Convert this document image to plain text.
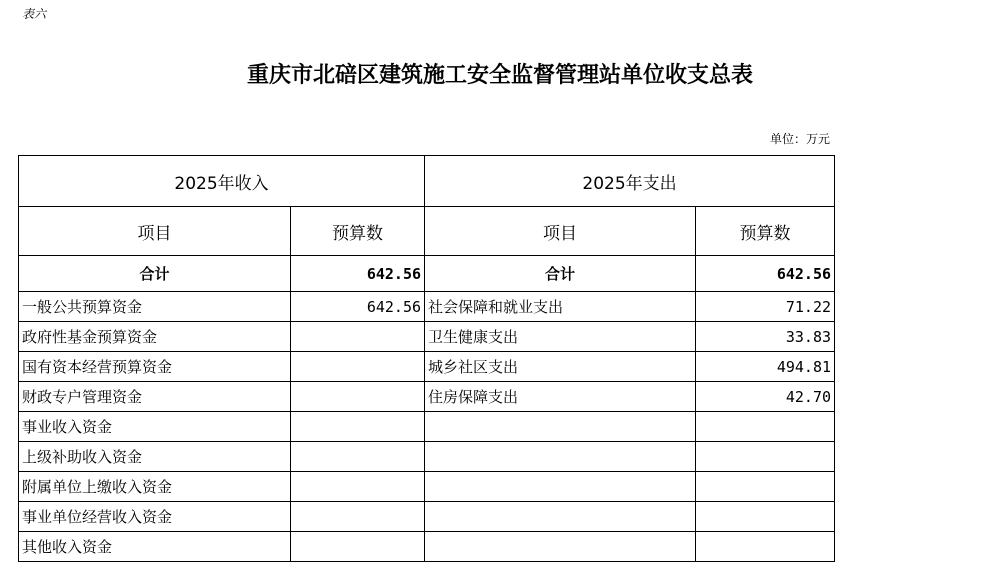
表六
重庆市北碚区建筑施工安全监督管理站单位收支总表
单位：万元
2025年收入		2025年支出	
项目	预算数	项目	预算数
合计	642.56	合计	642.56
一般公共预算资金	642.56	社会保障和就业支出	71.22
政府性基金预算资金		卫生健康支出	33.83
国有资本经营预算资金		城乡社区支出	494.81
财政专户管理资金		住房保障支出	42.70
事业收入资金			
上级补助收入资金			
附属单位上缴收入资金			
事业单位经营收入资金			
其他收入资金			
